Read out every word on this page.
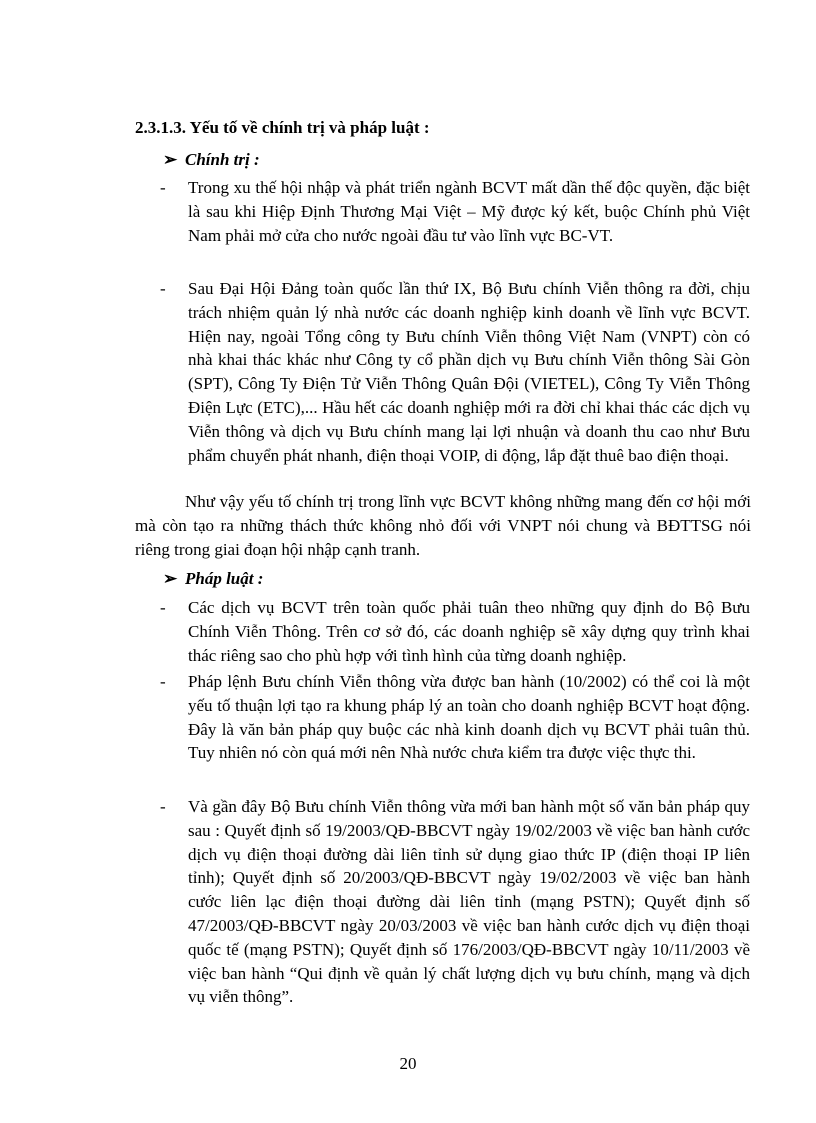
2.3.1.3. Yếu tố về chính trị và pháp luật :
➢ Chính trị :
- Trong xu thế hội nhập và phát triển ngành BCVT mất dần thế độc quyền, đặc biệt là sau khi Hiệp Định Thương Mại Việt – Mỹ được ký kết, buộc Chính phủ Việt Nam phải mở cửa cho nước ngoài đầu tư vào lĩnh vực BC-VT.
- Sau Đại Hội Đảng toàn quốc lần thứ IX, Bộ Bưu chính Viễn thông ra đời, chịu trách nhiệm quản lý nhà nước các doanh nghiệp kinh doanh về lĩnh vực BCVT. Hiện nay, ngoài Tổng công ty Bưu chính Viễn thông Việt Nam (VNPT) còn có nhà khai thác khác như Công ty cổ phần dịch vụ Bưu chính Viễn thông Sài Gòn (SPT), Công Ty Điện Tử Viễn Thông Quân Đội (VIETEL), Công Ty Viễn Thông Điện Lực (ETC),... Hầu hết các doanh nghiệp mới ra đời chỉ khai thác các dịch vụ Viễn thông và dịch vụ Bưu chính mang lại lợi nhuận và doanh thu cao như Bưu phẩm chuyển phát nhanh, điện thoại VOIP, di động, lắp đặt thuê bao điện thoại.
Như vậy yếu tố chính trị trong lĩnh vực BCVT không những mang đến cơ hội mới mà còn tạo ra những thách thức không nhỏ đối với VNPT nói chung và BĐTTSG nói riêng trong giai đoạn hội nhập cạnh tranh.
➢ Pháp luật :
- Các dịch vụ BCVT trên toàn quốc phải tuân theo những quy định do Bộ Bưu Chính Viễn Thông. Trên cơ sở đó, các doanh nghiệp sẽ xây dựng quy trình khai thác riêng sao cho phù hợp với tình hình của từng doanh nghiệp.
- Pháp lệnh Bưu chính Viễn thông vừa được ban hành (10/2002) có thể coi là một yếu tố thuận lợi tạo ra khung pháp lý an toàn cho doanh nghiệp BCVT hoạt động. Đây là văn bản pháp quy buộc các nhà kinh doanh dịch vụ BCVT phải tuân thủ. Tuy nhiên nó còn quá mới nên Nhà nước chưa kiểm tra được việc thực thi.
- Và gần đây Bộ Bưu chính Viễn thông vừa mới ban hành một số văn bản pháp quy sau : Quyết định số 19/2003/QĐ-BBCVT ngày 19/02/2003 về việc ban hành cước dịch vụ điện thoại đường dài liên tỉnh sử dụng giao thức IP (điện thoại IP liên tỉnh); Quyết định số 20/2003/QĐ-BBCVT ngày 19/02/2003 về việc ban hành cước liên lạc điện thoại đường dài liên tỉnh (mạng PSTN); Quyết định số 47/2003/QĐ-BBCVT ngày 20/03/2003 về việc ban hành cước dịch vụ điện thoại quốc tế (mạng PSTN); Quyết định số 176/2003/QĐ-BBCVT ngày 10/11/2003 về việc ban hành “Qui định về quản lý chất lượng dịch vụ bưu chính, mạng và dịch vụ viễn thông”.
20
